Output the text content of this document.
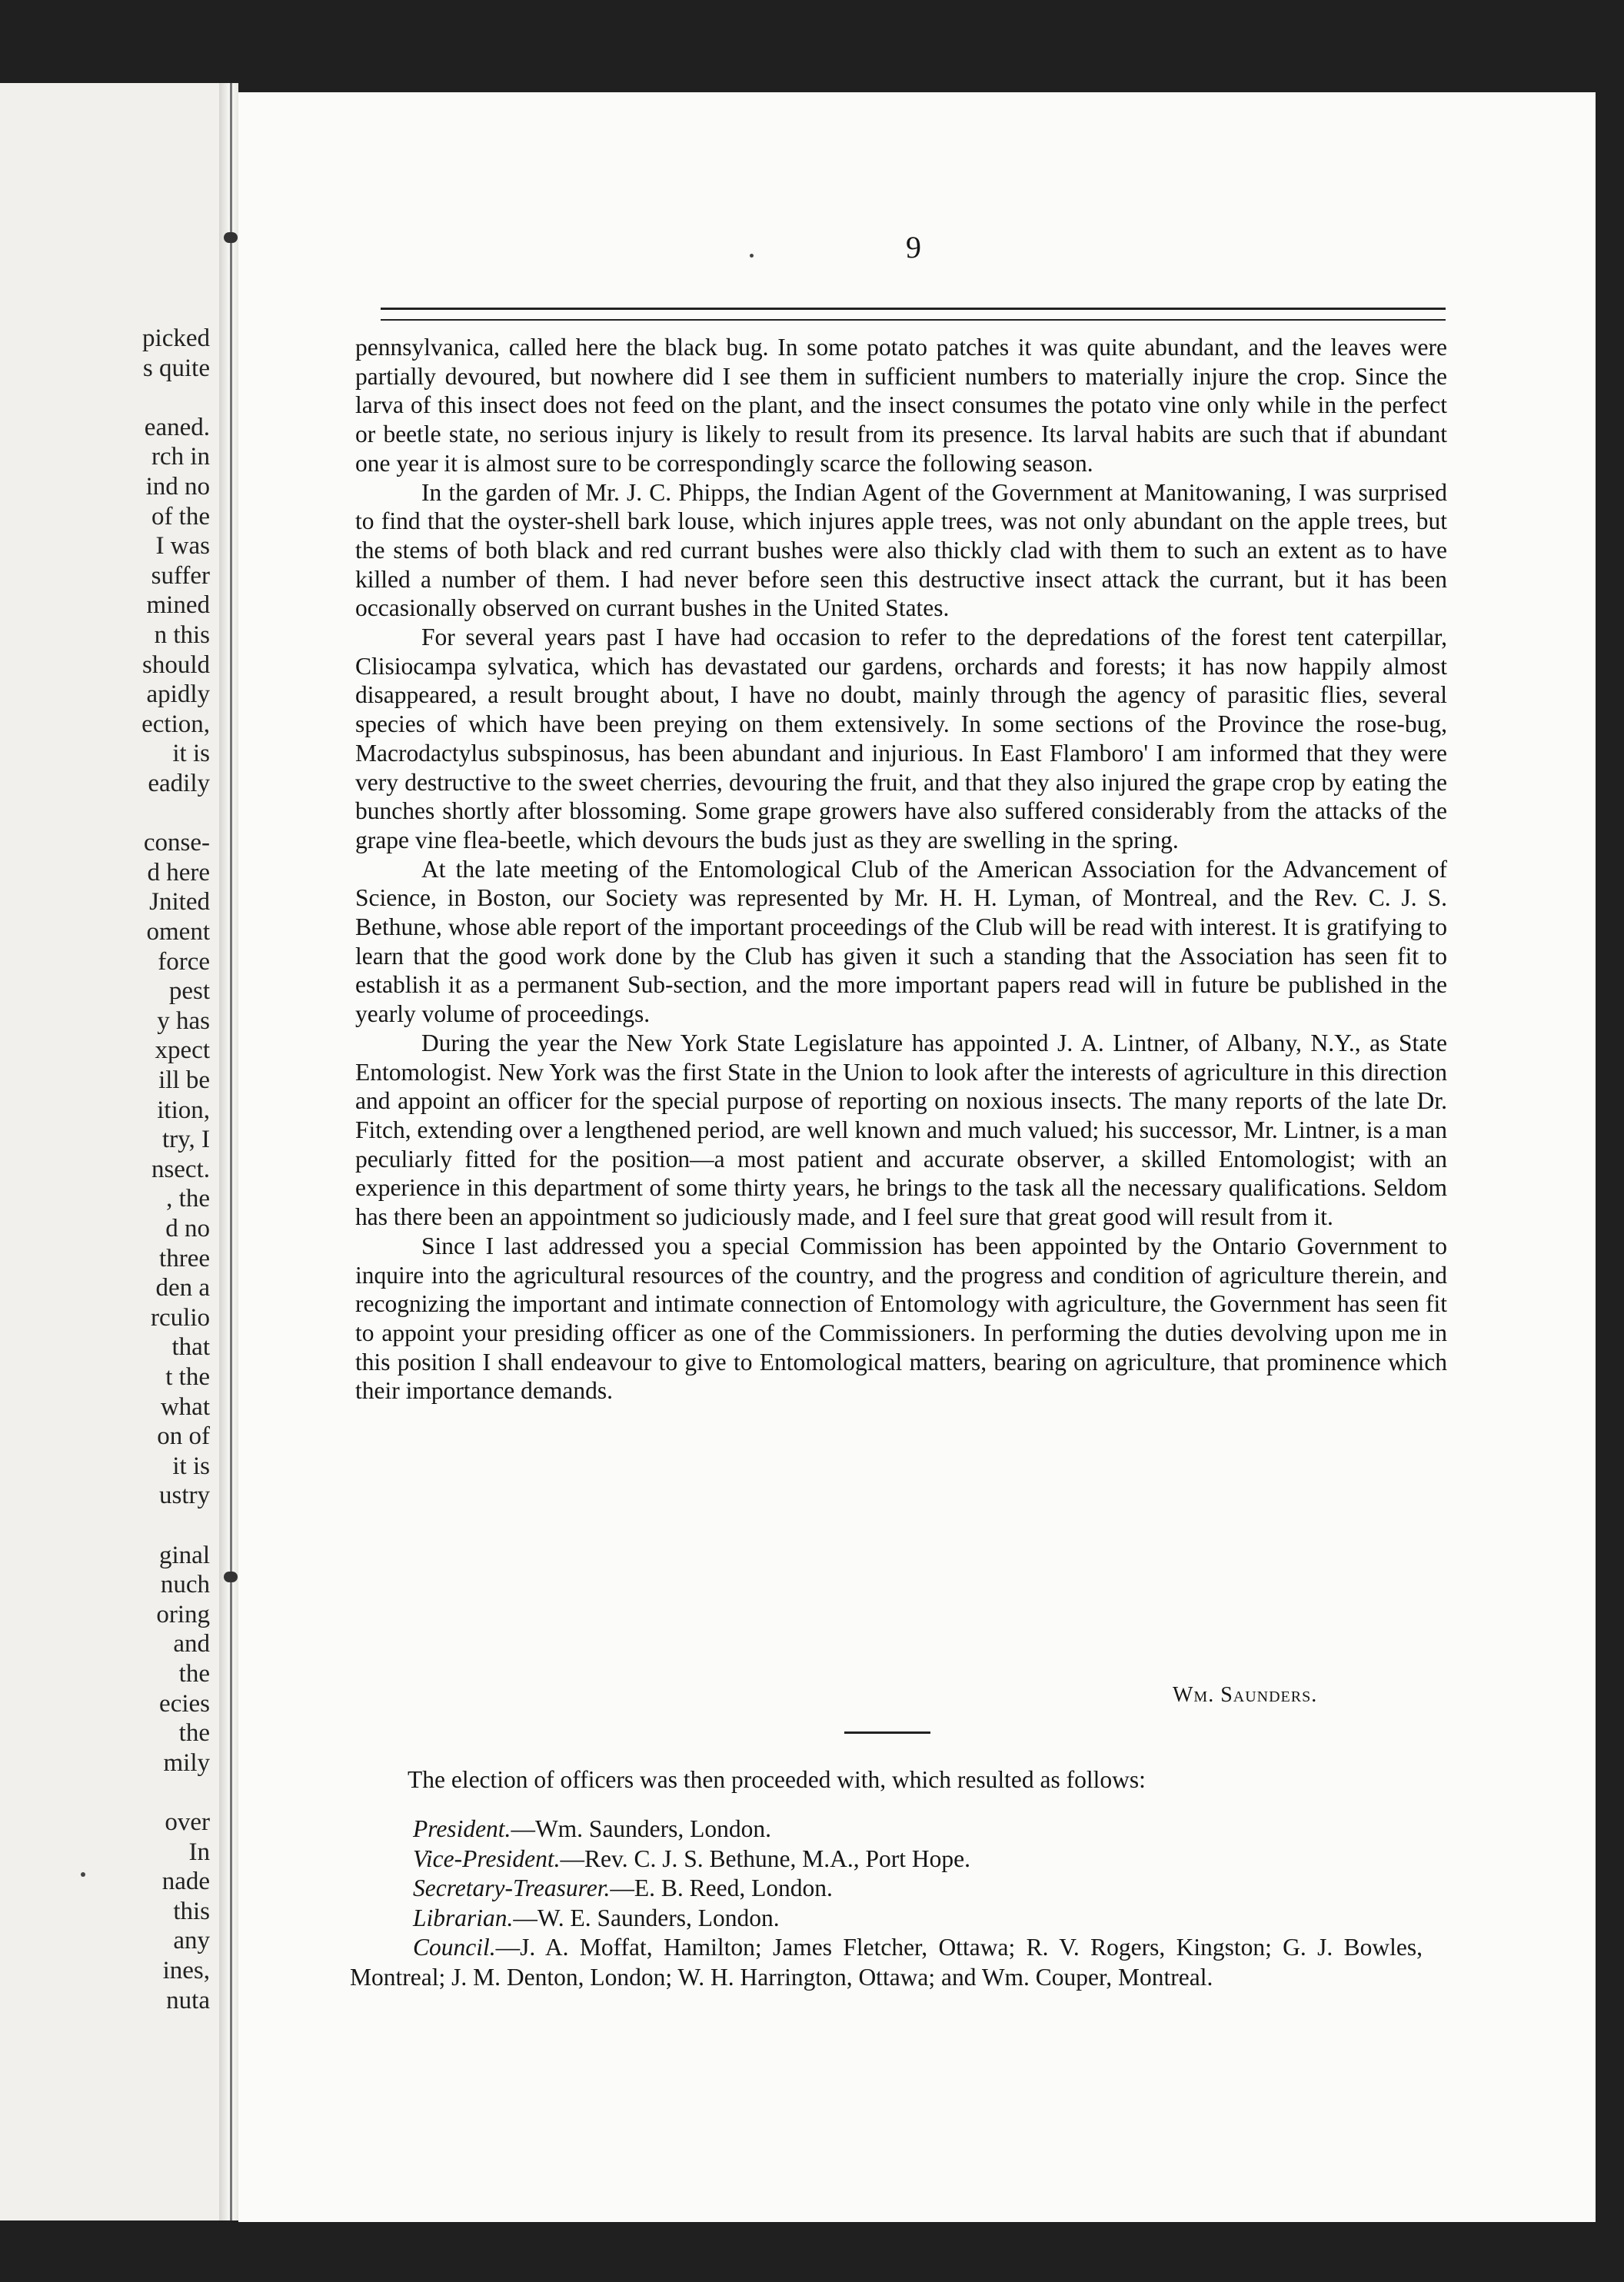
picked
s quite
eaned.
rch in
ind no
of the
I was
suffer
mined
n this
should
apidly
ection,
it is
eadily
conse-
d here
Jnited
oment
force
pest
y has
xpect
ill be
ition,
try, I
nsect.
, the
d no
three
den a
rculio
that
t the
what
on of
it is
ustry
ginal
nuch
oring
and
the
ecies
the
mily
over
In
nade
this
any
ines,
nuta
9

pennsylvanica, called here the black bug. In some potato patches it was quite abundant, and the leaves were partially devoured, but nowhere did I see them in sufficient numbers to materially injure the crop. Since the larva of this insect does not feed on the plant, and the insect consumes the potato vine only while in the perfect or beetle state, no serious injury is likely to result from its presence. Its larval habits are such that if abundant one year it is almost sure to be correspondingly scarce the following season.

In the garden of Mr. J. C. Phipps, the Indian Agent of the Government at Manitowaning, I was surprised to find that the oyster-shell bark louse, which injures apple trees, was not only abundant on the apple trees, but the stems of both black and red currant bushes were also thickly clad with them to such an extent as to have killed a number of them. I had never before seen this destructive insect attack the currant, but it has been occasionally observed on currant bushes in the United States.

For several years past I have had occasion to refer to the depredations of the forest tent caterpillar, Clisiocampa sylvatica, which has devastated our gardens, orchards and forests; it has now happily almost disappeared, a result brought about, I have no doubt, mainly through the agency of parasitic flies, several species of which have been preying on them extensively. In some sections of the Province the rose-bug, Macrodactylus subspinosus, has been abundant and injurious. In East Flamboro' I am informed that they were very destructive to the sweet cherries, devouring the fruit, and that they also injured the grape crop by eating the bunches shortly after blossoming. Some grape growers have also suffered considerably from the attacks of the grape vine flea-beetle, which devours the buds just as they are swelling in the spring.

At the late meeting of the Entomological Club of the American Association for the Advancement of Science, in Boston, our Society was represented by Mr. H. H. Lyman, of Montreal, and the Rev. C. J. S. Bethune, whose able report of the important proceedings of the Club will be read with interest. It is gratifying to learn that the good work done by the Club has given it such a standing that the Association has seen fit to establish it as a permanent Sub-section, and the more important papers read will in future be published in the yearly volume of proceedings.

During the year the New York State Legislature has appointed J. A. Lintner, of Albany, N.Y., as State Entomologist. New York was the first State in the Union to look after the interests of agriculture in this direction and appoint an officer for the special purpose of reporting on noxious insects. The many reports of the late Dr. Fitch, extending over a lengthened period, are well known and much valued; his successor, Mr. Lintner, is a man peculiarly fitted for the position—a most patient and accurate observer, a skilled Entomologist; with an experience in this department of some thirty years, he brings to the task all the necessary qualifications. Seldom has there been an appointment so judiciously made, and I feel sure that great good will result from it.

Since I last addressed you a special Commission has been appointed by the Ontario Government to inquire into the agricultural resources of the country, and the progress and condition of agriculture therein, and recognizing the important and intimate connection of Entomology with agriculture, the Government has seen fit to appoint your presiding officer as one of the Commissioners. In performing the duties devolving upon me in this position I shall endeavour to give to Entomological matters, bearing on agriculture, that prominence which their importance demands.

Wm. Saunders.
The election of officers was then proceeded with, which resulted as follows:
President.—Wm. Saunders, London.
Vice-President.—Rev. C. J. S. Bethune, M.A., Port Hope.
Secretary-Treasurer.—E. B. Reed, London.
Librarian.—W. E. Saunders, London.
Council.—J. A. Moffat, Hamilton; James Fletcher, Ottawa; R. V. Rogers, Kingston; G. J. Bowles, Montreal; J. M. Denton, London; W. H. Harrington, Ottawa; and Wm. Couper, Montreal.
